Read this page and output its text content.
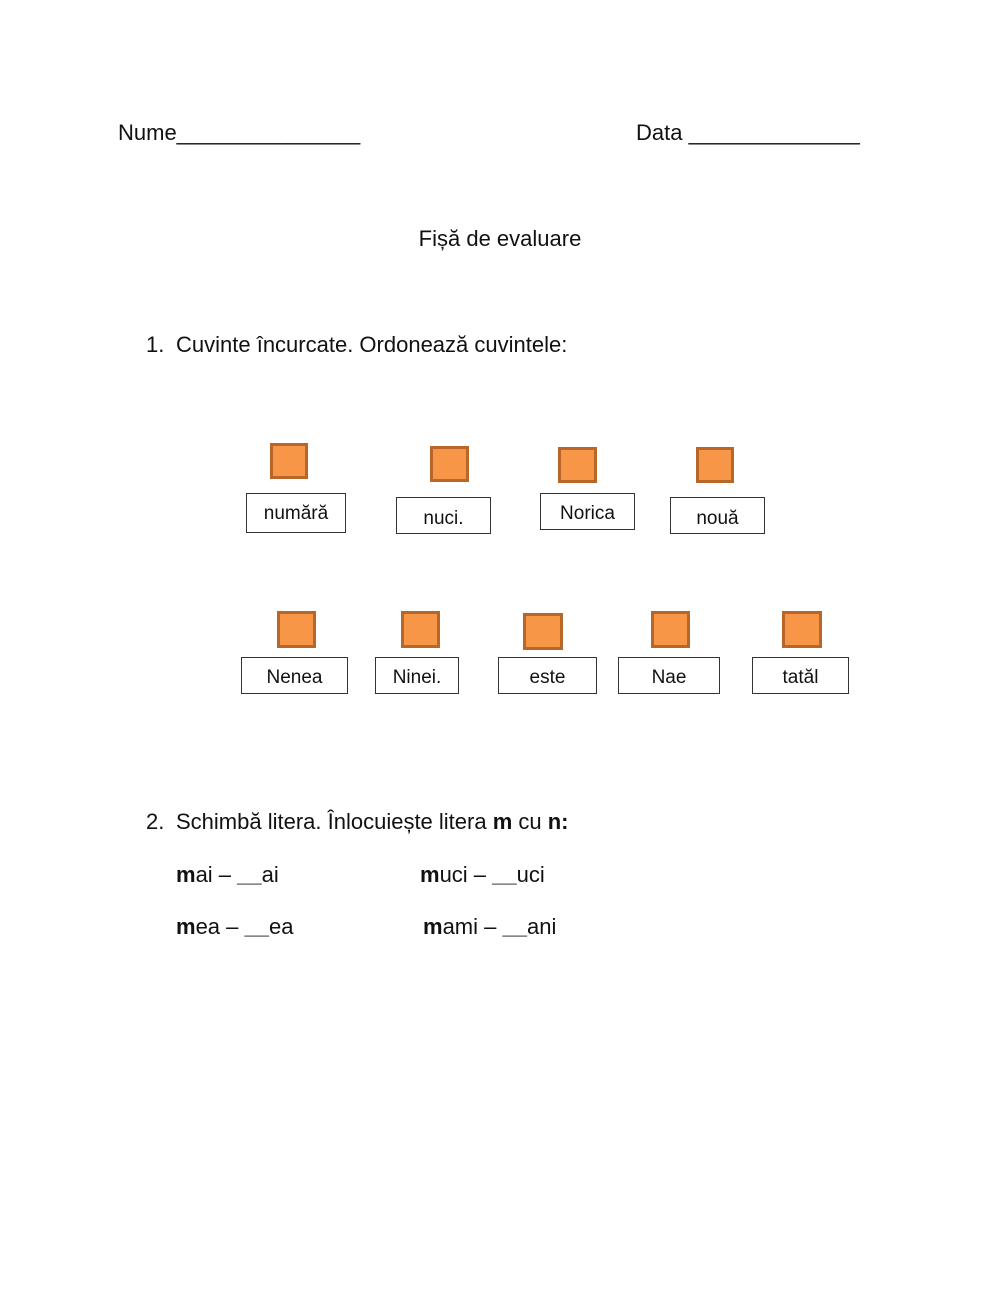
Nume_______________	Data ______________
Fișă de evaluare
1. Cuvinte încurcate. Ordonează cuvintele:
numără	nuci.	Norica	nouă
Nenea	Ninei.	este	Nae	tatăl
2. Schimbă litera. Înlocuiește litera m cu n:
mai – __ai	muci – __uci
mea – __ea	mami – __ani
